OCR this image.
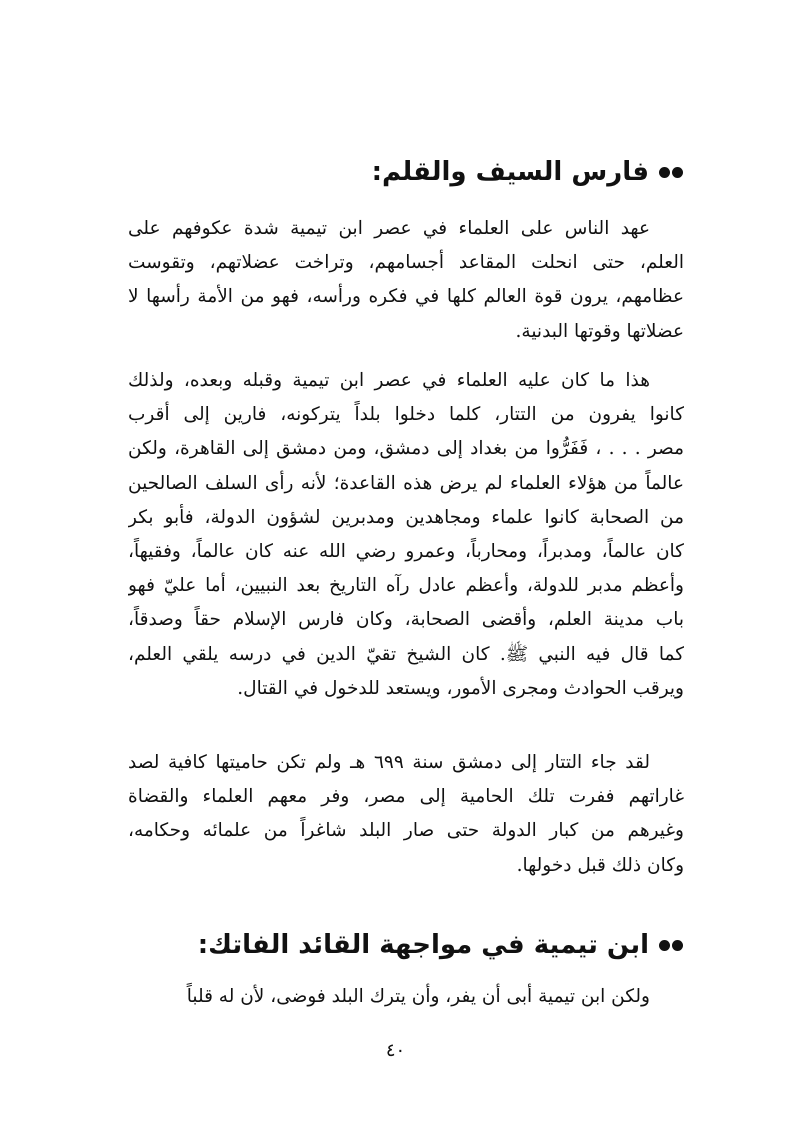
فارس السيف والقلم:
عهد الناس على العلماء في عصر ابن تيمية شدة عكوفهم على
العلم، حتى انحلت المقاعد أجسامهم، وتراخت عضلاتهم، وتقوست
عظامهم، يرون قوة العالم كلها في فكره ورأسه، فهو من الأمة رأسها لا
عضلاتها وقوتها البدنية.
هذا ما كان عليه العلماء في عصر ابن تيمية وقبله وبعده، ولذلك
كانوا يفرون من التتار، كلما دخلوا بلداً يتركونه، فارين إلى أقرب
مصر . . . ، فَفَرُّوا من بغداد إلى دمشق، ومن دمشق إلى القاهرة، ولكن
عالماً من هؤلاء العلماء لم يرض هذه القاعدة؛ لأنه رأى السلف الصالحين
من الصحابة كانوا علماء ومجاهدين ومدبرين لشؤون الدولة، فأبو بكر
كان عالماً، ومدبراً، ومحارباً، وعمرو رضي الله عنه كان عالماً، وفقيهاً،
وأعظم مدبر للدولة، وأعظم عادل رآه التاريخ بعد النبيين، أما عليّ فهو
باب مدينة العلم، وأقضى الصحابة، وكان فارس الإسلام حقاً وصدقاً،
كما قال فيه النبي ﷺ. كان الشيخ تقيّ الدين في درسه يلقي العلم،
ويرقب الحوادث ومجرى الأمور، ويستعد للدخول في القتال.
لقد جاء التتار إلى دمشق سنة ٦٩٩ هـ ولم تكن حاميتها كافية لصد
غاراتهم ففرت تلك الحامية إلى مصر، وفر معهم العلماء والقضاة
وغيرهم من كبار الدولة حتى صار البلد شاغراً من علمائه وحكامه،
وكان ذلك قبل دخولها.
ابن تيمية في مواجهة القائد الفاتك:
ولكن ابن تيمية أبى أن يفر، وأن يترك البلد فوضى، لأن له قلباً
٤٠
